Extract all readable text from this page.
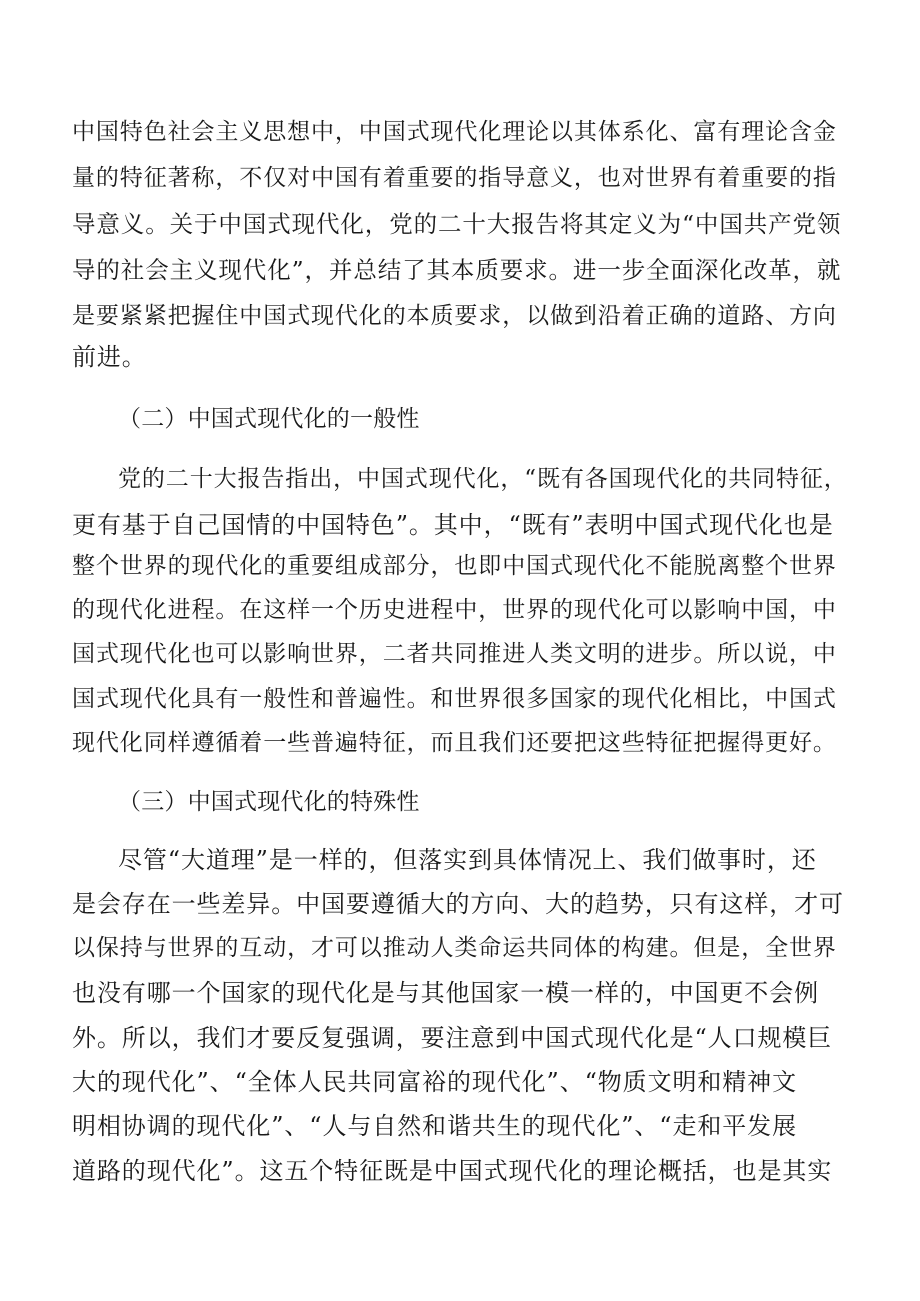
中国特色社会主义思想中，中国式现代化理论以其体系化、富有理论含金
量的特征著称，不仅对中国有着重要的指导意义，也对世界有着重要的指
导意义。关于中国式现代化，党的二十大报告将其定义为“中国共产党领
导的社会主义现代化”，并总结了其本质要求。进一步全面深化改革，就
是要紧紧把握住中国式现代化的本质要求，以做到沿着正确的道路、方向
前进。
（二）中国式现代化的一般性
党的二十大报告指出，中国式现代化，“既有各国现代化的共同特征，
更有基于自己国情的中国特色”。其中，“既有”表明中国式现代化也是
整个世界的现代化的重要组成部分，也即中国式现代化不能脱离整个世界
的现代化进程。在这样一个历史进程中，世界的现代化可以影响中国，中
国式现代化也可以影响世界，二者共同推进人类文明的进步。所以说，中
国式现代化具有一般性和普遍性。和世界很多国家的现代化相比，中国式
现代化同样遵循着一些普遍特征，而且我们还要把这些特征把握得更好。
（三）中国式现代化的特殊性
尽管“大道理”是一样的，但落实到具体情况上、我们做事时，还
是会存在一些差异。中国要遵循大的方向、大的趋势，只有这样，才可
以保持与世界的互动，才可以推动人类命运共同体的构建。但是，全世界
也没有哪一个国家的现代化是与其他国家一模一样的，中国更不会例
外。所以，我们才要反复强调，要注意到中国式现代化是“人口规模巨
大的现代化”、“全体人民共同富裕的现代化”、“物质文明和精神文
明相协调的现代化”、“人与自然和谐共生的现代化”、“走和平发展
道路的现代化”。这五个特征既是中国式现代化的理论概括，也是其实
